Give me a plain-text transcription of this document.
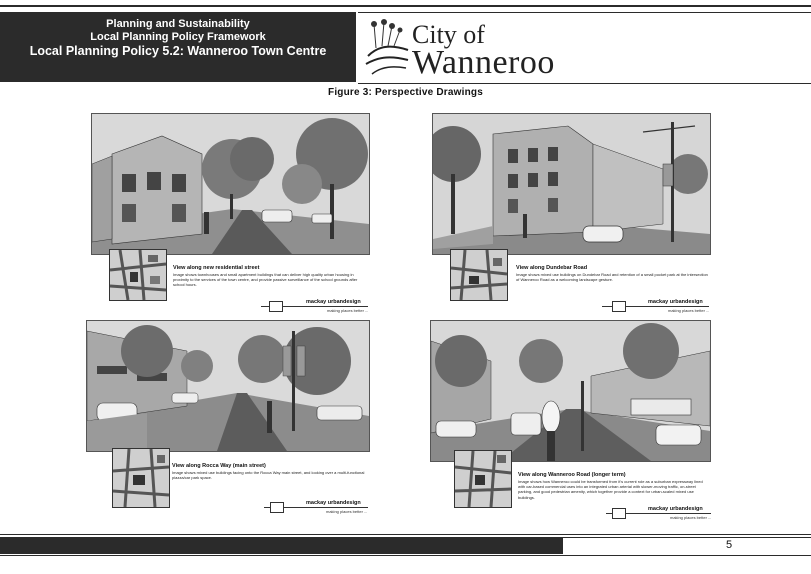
Planning and Sustainability
Local Planning Policy Framework
Local Planning Policy 5.2: Wanneroo Town Centre
City of
Wanneroo
Figure 3: Perspective Drawings
View along new residential street
Image shows townhouses and small apartment buildings that can deliver high quality urban housing in proximity to the services of the town centre, and provide passive surveillance of the school grounds after school hours.
mackay urbandesign
making places better ...
View along Dundebar Road
Image shows mixed use buildings on Dundebar Road and retention of a small pocket park at the intersection of Wanneroo Road as a welcoming landscape gesture.
mackay urbandesign
making places better ...
View along Rocca Way (main street)
Image shows mixed use buildings facing onto the Rocca Way main street, and looking over a multi-functional piazza/car park space.
mackay urbandesign
making places better ...
View along Wanneroo Road (longer term)
Image shows how Wanneroo could be transformed from it's current role as a suburban expressway lined with car-based commercial uses into an integrated urban arterial with slower-moving traffic, on-street parking, and good pedestrian amenity, which together provide a context for urban-scaled mixed use buildings.
mackay urbandesign
making places better ...
5
